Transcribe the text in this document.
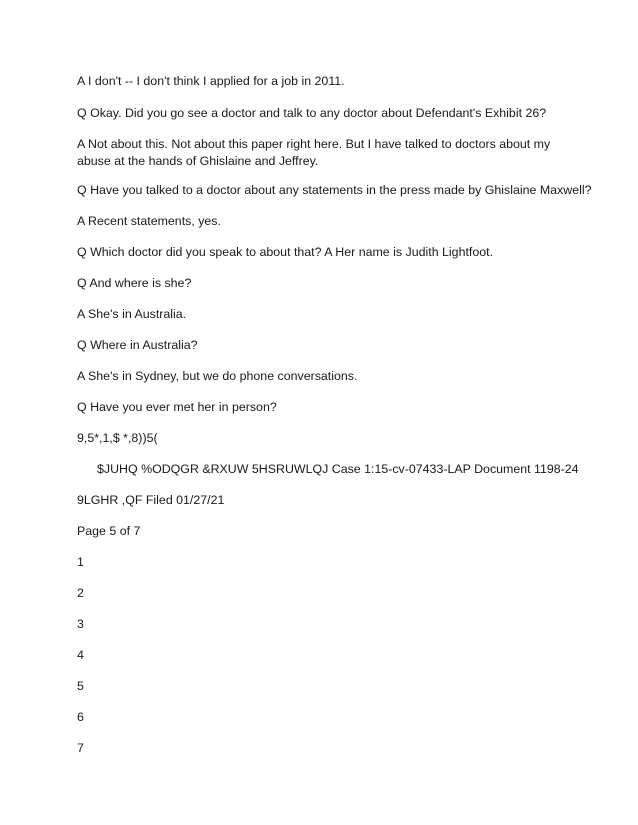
A I don't -- I don't think I applied for a job in 2011.
Q Okay. Did you go see a doctor and talk to any doctor about Defendant's Exhibit 26?
A Not about this. Not about this paper right here. But I have talked to doctors about my abuse at the hands of Ghislaine and Jeffrey.
Q Have you talked to a doctor about any statements in the press made by Ghislaine Maxwell?
A Recent statements, yes.
Q Which doctor did you speak to about that? A Her name is Judith Lightfoot.
Q And where is she?
A She's in Australia.
Q Where in Australia?
A She's in Sydney, but we do phone conversations.
Q Have you ever met her in person?
9,5*,1,$ *,8))5(
$JUHQ %ODQGR &RXUW 5HSRUWLQJ Case 1:15-cv-07433-LAP Document 1198-24
9LGHR ,QF Filed 01/27/21
Page 5 of 7
1
2
3
4
5
6
7
